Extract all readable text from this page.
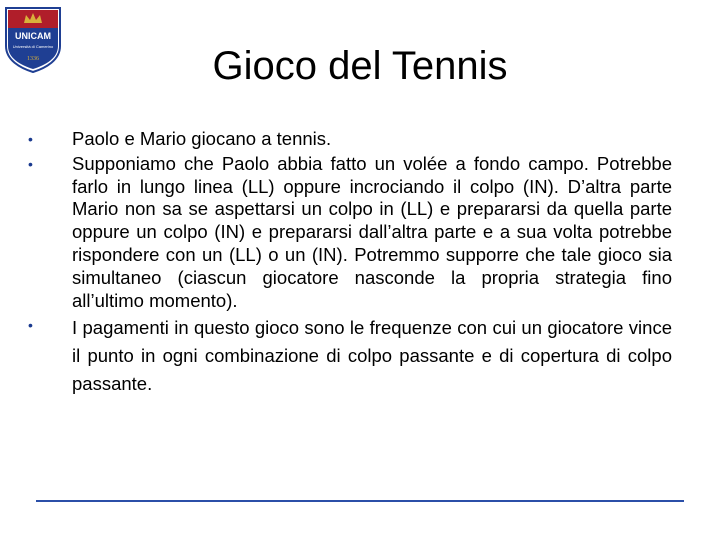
UNICAM
Università di Camerino
1336	Gioco del Tennis
•	Paolo e Mario giocano a tennis.
•	Supponiamo che Paolo abbia fatto un volée a fondo campo. Potrebbe farlo in lungo linea (LL) oppure incrociando il colpo (IN). D’altra parte Mario non sa se aspettarsi un colpo in (LL) e prepararsi da quella parte oppure un colpo (IN) e prepararsi dall’altra parte e a sua volta potrebbe rispondere con un (LL) o un (IN). Potremmo supporre che tale gioco sia simultaneo (ciascun giocatore nasconde la propria strategia fino all’ultimo momento).
•	I pagamenti in questo gioco sono le frequenze con cui un giocatore vince il punto in ogni combinazione di colpo passante e di copertura di colpo passante.
